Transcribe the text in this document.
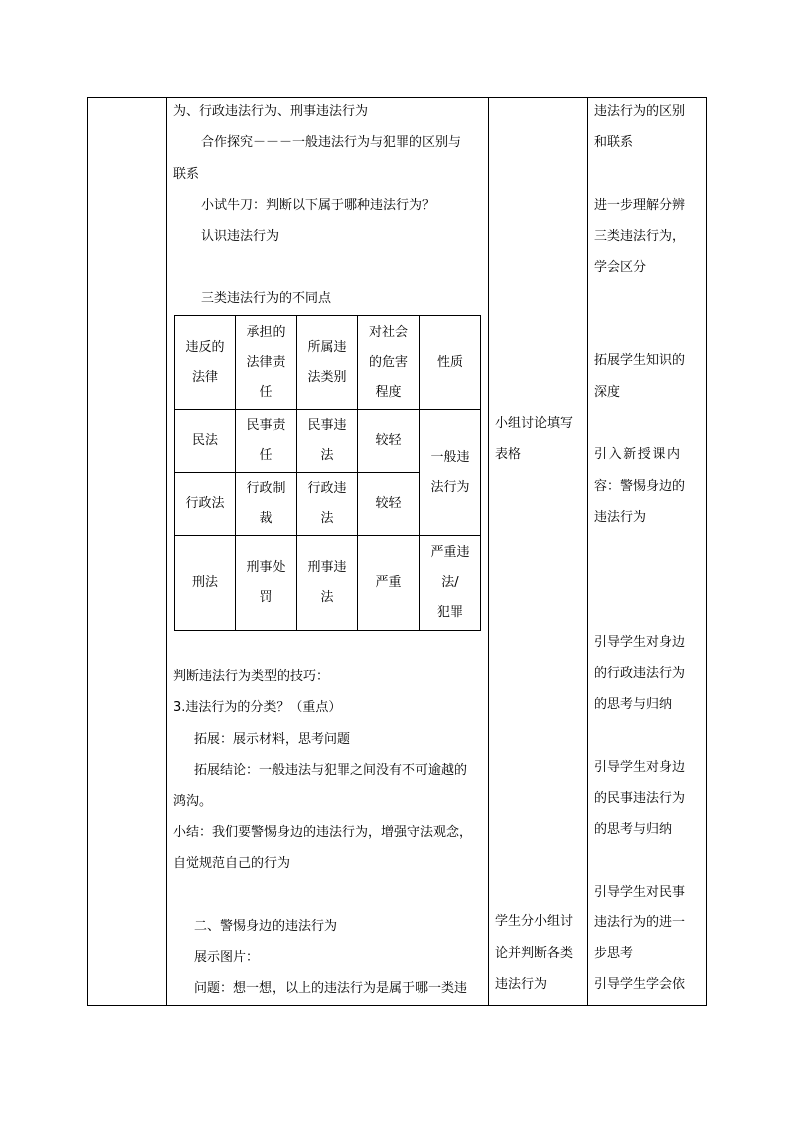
为、行政违法行为、刑事违法行为
合作探究－－－一般违法行为与犯罪的区别与
联系
小试牛刀：判断以下属于哪种违法行为？
认识违法行为
三类违法行为的不同点
违反的
法律
承担的
法律责
任
所属违
法类别
对社会
的危害
程度
性质
民法
民事责
任
民事违
法
较轻
一般违
法行为
行政法
行政制
裁
行政违
法
较轻
刑法
刑事处
罚
刑事违
法
严重
严重违
法/
犯罪
判断违法行为类型的技巧：
3.违法行为的分类？（重点）
拓展：展示材料，思考问题
拓展结论：一般违法与犯罪之间没有不可逾越的
鸿沟。
小结：我们要警惕身边的违法行为，增强守法观念，
自觉规范自己的行为
二、警惕身边的违法行为
展示图片：
问题：想一想，以上的违法行为是属于哪一类违
小组讨论填写
表格
学生分小组讨
论并判断各类
违法行为
违法行为的区别
和联系
进一步理解分辨
三类违法行为，
学会区分
拓展学生知识的
深度
引入新授课内
容：警惕身边的
违法行为
引导学生对身边
的行政违法行为
的思考与归纳
引导学生对身边
的民事违法行为
的思考与归纳
引导学生对民事
违法行为的进一
步思考
引导学生学会依
